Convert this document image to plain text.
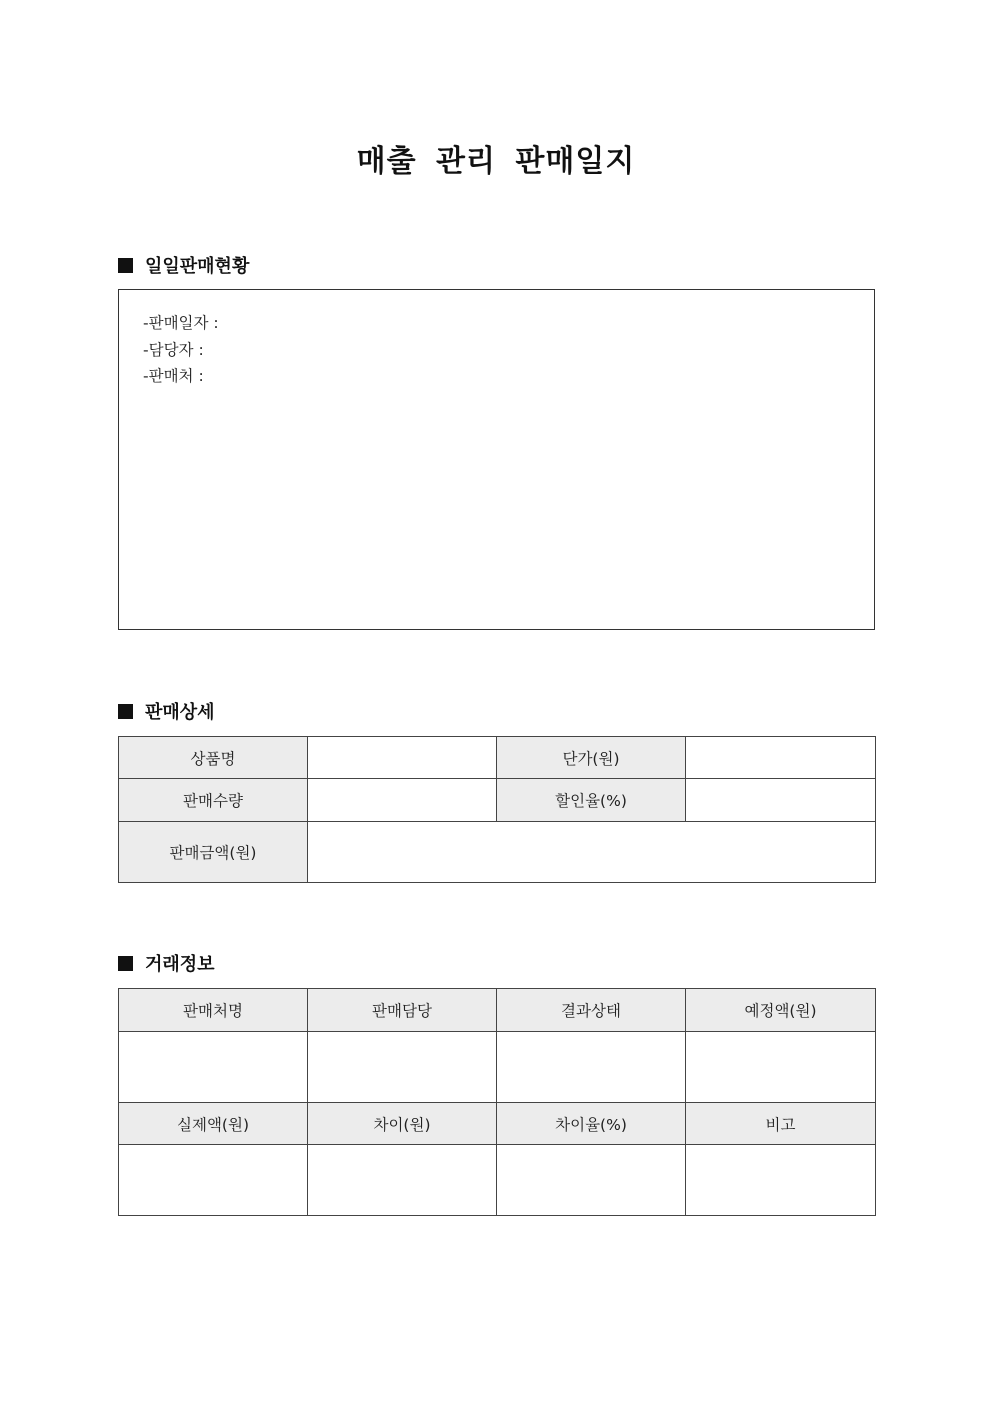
매출 관리 판매일지
일일판매현황
-판매일자 :
-담당자 :
-판매처 :
판매상세
상품명		단가(원)	
판매수량		할인율(%)	
판매금액(원)			
거래정보
판매처명	판매담당	결과상태	예정액(원)

실제액(원)	차이(원)	차이율(%)	비고
